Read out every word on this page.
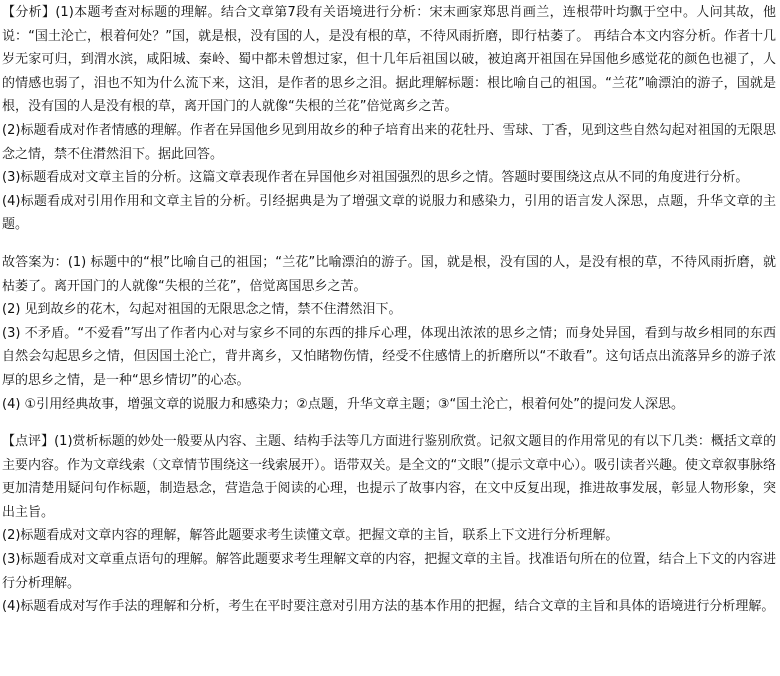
【分析】(1)本题考查对标题的理解。结合文章第7段有关语境进行分析：宋末画家郑思肖画兰，连根带叶均飘于空中。人问其故，他说：“国土沦亡，根着何处？”国，就是根，没有国的人，是没有根的草，不待风雨折磨，即行枯萎了。 再结合本文内容分析。作者十几岁无家可归，到渭水滨，咸阳城、秦岭、蜀中都未曾想过家，但十几年后祖国以破，被迫离开祖国在异国他乡感觉花的颜色也褪了，人的情感也弱了，泪也不知为什么流下来，这泪，是作者的思乡之泪。据此理解标题：根比喻自己的祖国。“兰花”喻漂泊的游子，国就是根，没有国的人是没有根的草，离开国门的人就像“失根的兰花”倍觉离乡之苦。

(2)标题看成对作者情感的理解。作者在异国他乡见到用故乡的种子培育出来的花牡丹、雪球、丁香，见到这些自然勾起对祖国的无限思念之情，禁不住潸然泪下。据此回答。

(3)标题看成对文章主旨的分析。这篇文章表现作者在异国他乡对祖国强烈的思乡之情。答题时要围绕这点从不同的角度进行分析。

(4)标题看成对引用作用和文章主旨的分析。引经据典是为了增强文章的说服力和感染力，引用的语言发人深思，点题，升华文章的主题。

故答案为：(1) 标题中的“根”比喻自己的祖国；“兰花”比喻漂泊的游子。国，就是根，没有国的人，是没有根的草，不待风雨折磨，就枯萎了。离开国门的人就像“失根的兰花”，倍觉离国思乡之苦。

(2) 见到故乡的花木，勾起对祖国的无限思念之情，禁不住潸然泪下。

(3) 不矛盾。“不爱看”写出了作者内心对与家乡不同的东西的排斥心理，体现出浓浓的思乡之情；而身处异国，看到与故乡相同的东西自然会勾起思乡之情，但因国土沦亡，背井离乡，又怕睹物伤情，经受不住感情上的折磨所以“不敢看”。这句话点出流落异乡的游子浓厚的思乡之情，是一种“思乡情切”的心态。

(4) ①引用经典故事，增强文章的说服力和感染力；②点题，升华文章主题；③“国土沦亡，根着何处”的提问发人深思。

【点评】(1)赏析标题的妙处一般要从内容、主题、结构手法等几方面进行鉴别欣赏。记叙文题目的作用常见的有以下几类：概括文章的主要内容。作为文章线索（文章情节围绕这一线索展开）。语带双关。是全文的“文眼”（提示文章中心）。吸引读者兴趣。使文章叙事脉络更加清楚用疑问句作标题，制造悬念，营造急于阅读的心理，也提示了故事内容，在文中反复出现，推进故事发展，彰显人物形象，突出主旨。

(2)标题看成对文章内容的理解，解答此题要求考生读懂文章。把握文章的主旨，联系上下文进行分析理解。

(3)标题看成对文章重点语句的理解。解答此题要求考生理解文章的内容，把握文章的主旨。找准语句所在的位置，结合上下文的内容进行分析理解。

(4)标题看成对写作手法的理解和分析，考生在平时要注意对引用方法的基本作用的把握，结合文章的主旨和具体的语境进行分析理解。
